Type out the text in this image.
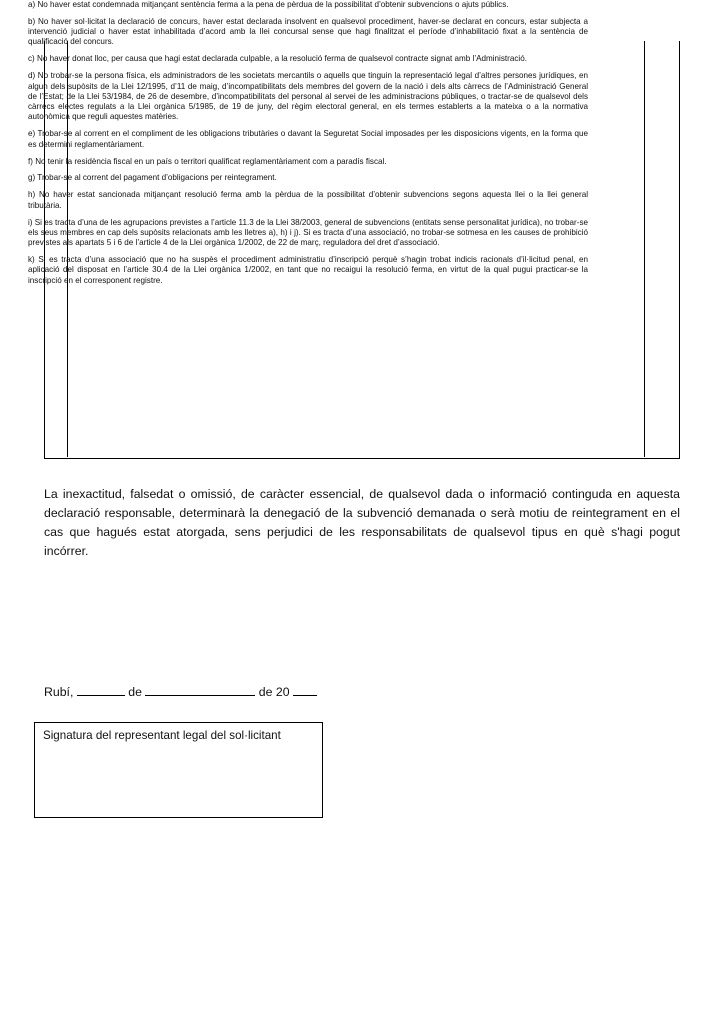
a) No haver estat condemnada mitjançant sentència ferma a la pena de pèrdua de la possibilitat d’obtenir subvencions o ajuts públics.

b) No haver sol·licitat la declaració de concurs, haver estat declarada insolvent en qualsevol procediment, haver-se declarat en concurs, estar subjecta a intervenció judicial o haver estat inhabilitada d’acord amb la llei concursal sense que hagi finalitzat el període d’inhabilitació fixat a la sentència de qualificació del concurs.

c) No haver donat lloc, per causa que hagi estat declarada culpable, a la resolució ferma de qualsevol contracte signat amb l’Administració.

d) No trobar-se la persona física, els administradors de les societats mercantils o aquells que tinguin la representació legal d’altres persones jurídiques, en algun dels supòsits de la Llei 12/1995, d’11 de maig, d’incompatibilitats dels membres del govern de la nació i dels alts càrrecs de l’Administració General de l’Estat; de la Llei 53/1984, de 26 de desembre, d’incompatibilitats del personal al servei de les administracions públiques, o tractar-se de qualsevol dels càrrecs electes regulats a la Llei orgànica 5/1985, de 19 de juny, del règim electoral general, en els termes establerts a la mateixa o a la normativa autonòmica que reguli aquestes matèries.

e) Trobar-se al corrent en el compliment de les obligacions tributàries o davant la Seguretat Social imposades per les disposicions vigents, en la forma que es determini reglamentàriament.

f) No tenir la residència fiscal en un país o territori qualificat reglamentàriament com a paradís fiscal.

g) Trobar-se al corrent del pagament d’obligacions per reintegrament.

h) No haver estat sancionada mitjançant resolució ferma amb la pèrdua de la possibilitat d’obtenir subvencions segons aquesta llei o la llei general tributària.

i) Si es tracta d’una de les agrupacions previstes a l’article 11.3 de la Llei 38/2003, general de subvencions (entitats sense personalitat jurídica), no trobar-se els seus membres en cap dels supòsits relacionats amb les lletres a), h) i j). Si es tracta d’una associació, no trobar-se sotmesa en les causes de prohibició previstes als apartats 5 i 6 de l’article 4 de la Llei orgànica 1/2002, de 22 de març, reguladora del dret d’associació.

k) Si es tracta d’una associació que no ha suspès el procediment administratiu d’inscripció perquè s’hagin trobat indicis racionals d’il·licitud penal, en aplicació del disposat en l’article 30.4 de la Llei orgànica 1/2002, en tant que no recaigui la resolució ferma, en virtut de la qual pugui practicar-se la inscripció en el corresponent registre.

La inexactitud, falsedat o omissió, de caràcter essencial, de qualsevol dada o informació continguda en aquesta declaració responsable, determinarà la denegació de la subvenció demanada o serà motiu de reintegrament en el cas que hagués estat atorgada, sens perjudici de les responsabilitats de qualsevol tipus en què s'hagi pogut incórrer.

Rubí,	de	de 20
Signatura del representant legal del sol·licitant
